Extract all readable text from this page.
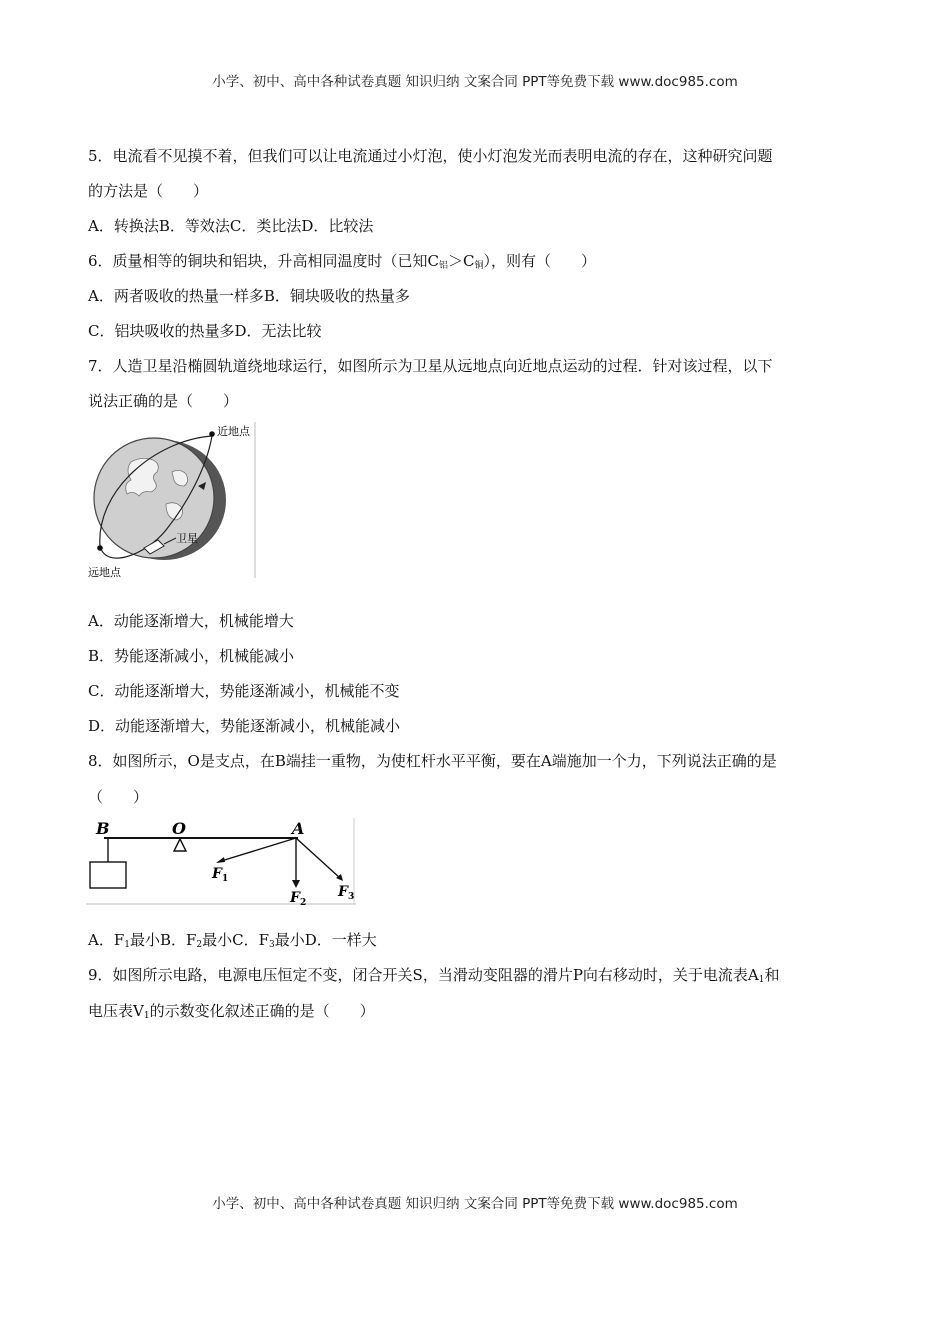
小学、初中、高中各种试卷真题 知识归纳 文案合同 PPT等免费下载 www.doc985.com
5．电流看不见摸不着，但我们可以让电流通过小灯泡，使小灯泡发光而表明电流的存在，这种研究问题
的方法是（　　）
A．转换法B．等效法C．类比法D．比较法
6．质量相等的铜块和铝块，升高相同温度时（已知$C_铝>C_铜$），则有（　　）
A．两者吸收的热量一样多B．铜块吸收的热量多
C．铝块吸收的热量多D．无法比较
7．人造卫星沿椭圆轨道绕地球运行，如图所示为卫星从远地点向近地点运动的过程．针对该过程，以下
说法正确的是（　　）
近地点
远地点
卫星
A．动能逐渐增大，机械能增大
B．势能逐渐减小，机械能减小
C．动能逐渐增大，势能逐渐减小，机械能不变
D．动能逐渐增大，势能逐渐减小，机械能减小
8．如图所示，O是支点，在B端挂一重物，为使杠杆水平平衡，要在A端施加一个力，下列说法正确的是
（　　）
B	O	A
$F_1$
$F_2$
$F_3$
A．$F_1$最小B．$F_2$最小C．$F_3$最小D．一样大
9．如图所示电路，电源电压恒定不变，闭合开关S，当滑动变阻器的滑片P向右移动时，关于电流表$A_1$和
电压表$V_1$的示数变化叙述正确的是（　　）
小学、初中、高中各种试卷真题 知识归纳 文案合同 PPT等免费下载 www.doc985.com
